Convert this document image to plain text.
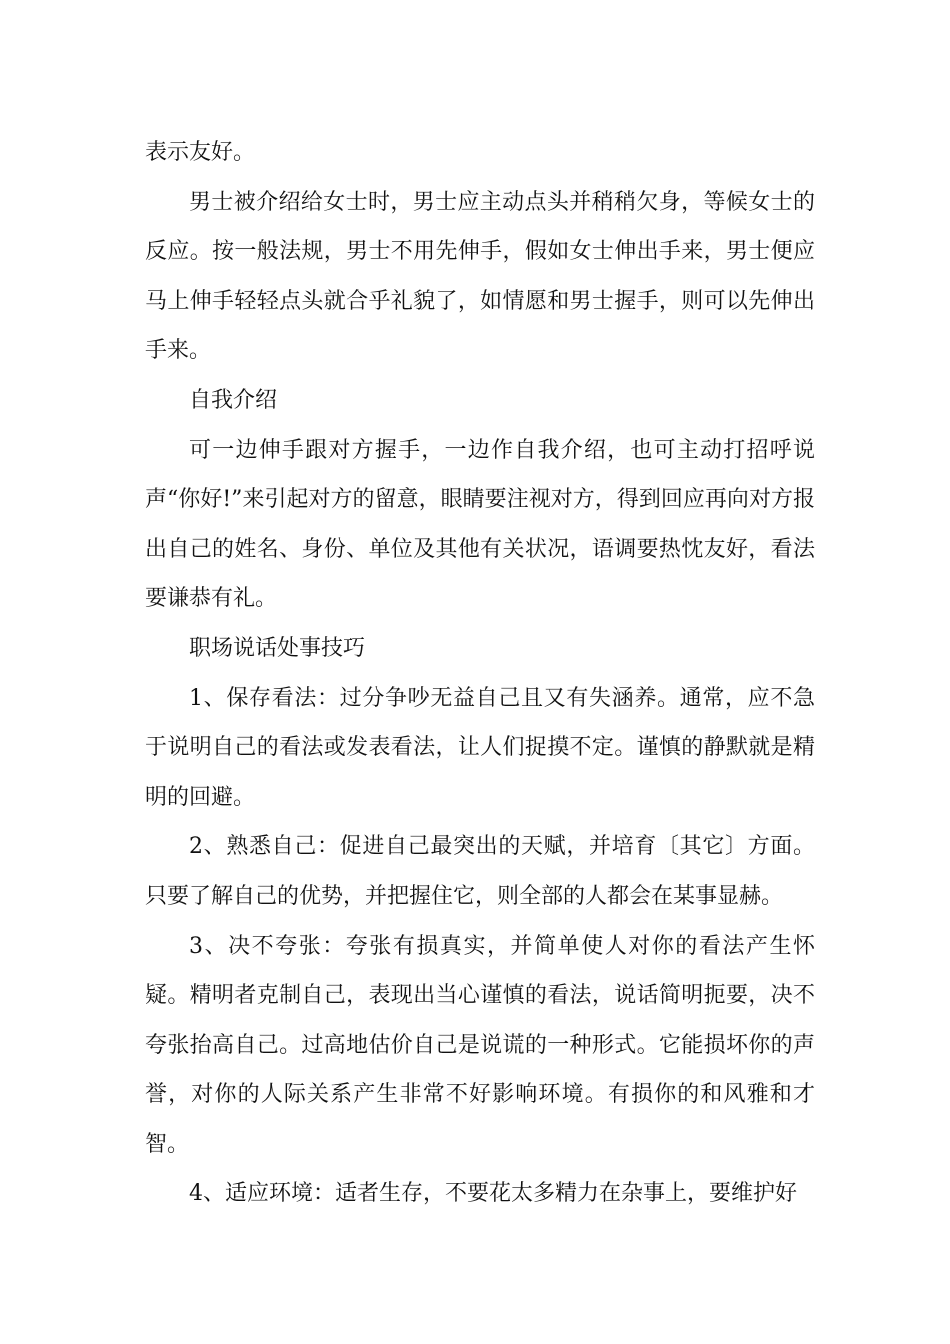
表示友好。

男士被介绍给女士时，男士应主动点头并稍稍欠身，等候女士的反应。按一般法规，男士不用先伸手，假如女士伸出手来，男士便应马上伸手轻轻点头就合乎礼貌了，如情愿和男士握手，则可以先伸出手来。

自我介绍

可一边伸手跟对方握手，一边作自我介绍，也可主动打招呼说声“你好!”来引起对方的留意，眼睛要注视对方，得到回应再向对方报出自己的姓名、身份、单位及其他有关状况，语调要热忱友好，看法要谦恭有礼。

职场说话处事技巧

1、保存看法：过分争吵无益自己且又有失涵养。通常，应不急于说明自己的看法或发表看法，让人们捉摸不定。谨慎的静默就是精明的回避。

2、熟悉自己：促进自己最突出的天赋，并培育〔其它〕方面。只要了解自己的优势，并把握住它，则全部的人都会在某事显赫。

3、决不夸张：夸张有损真实，并简单使人对你的看法产生怀疑。精明者克制自己，表现出当心谨慎的看法，说话简明扼要，决不夸张抬高自己。过高地估价自己是说谎的一种形式。它能损坏你的声誉，对你的人际关系产生非常不好影响环境。有损你的和风雅和才智。

4、适应环境：适者生存，不要花太多精力在杂事上，要维护好
